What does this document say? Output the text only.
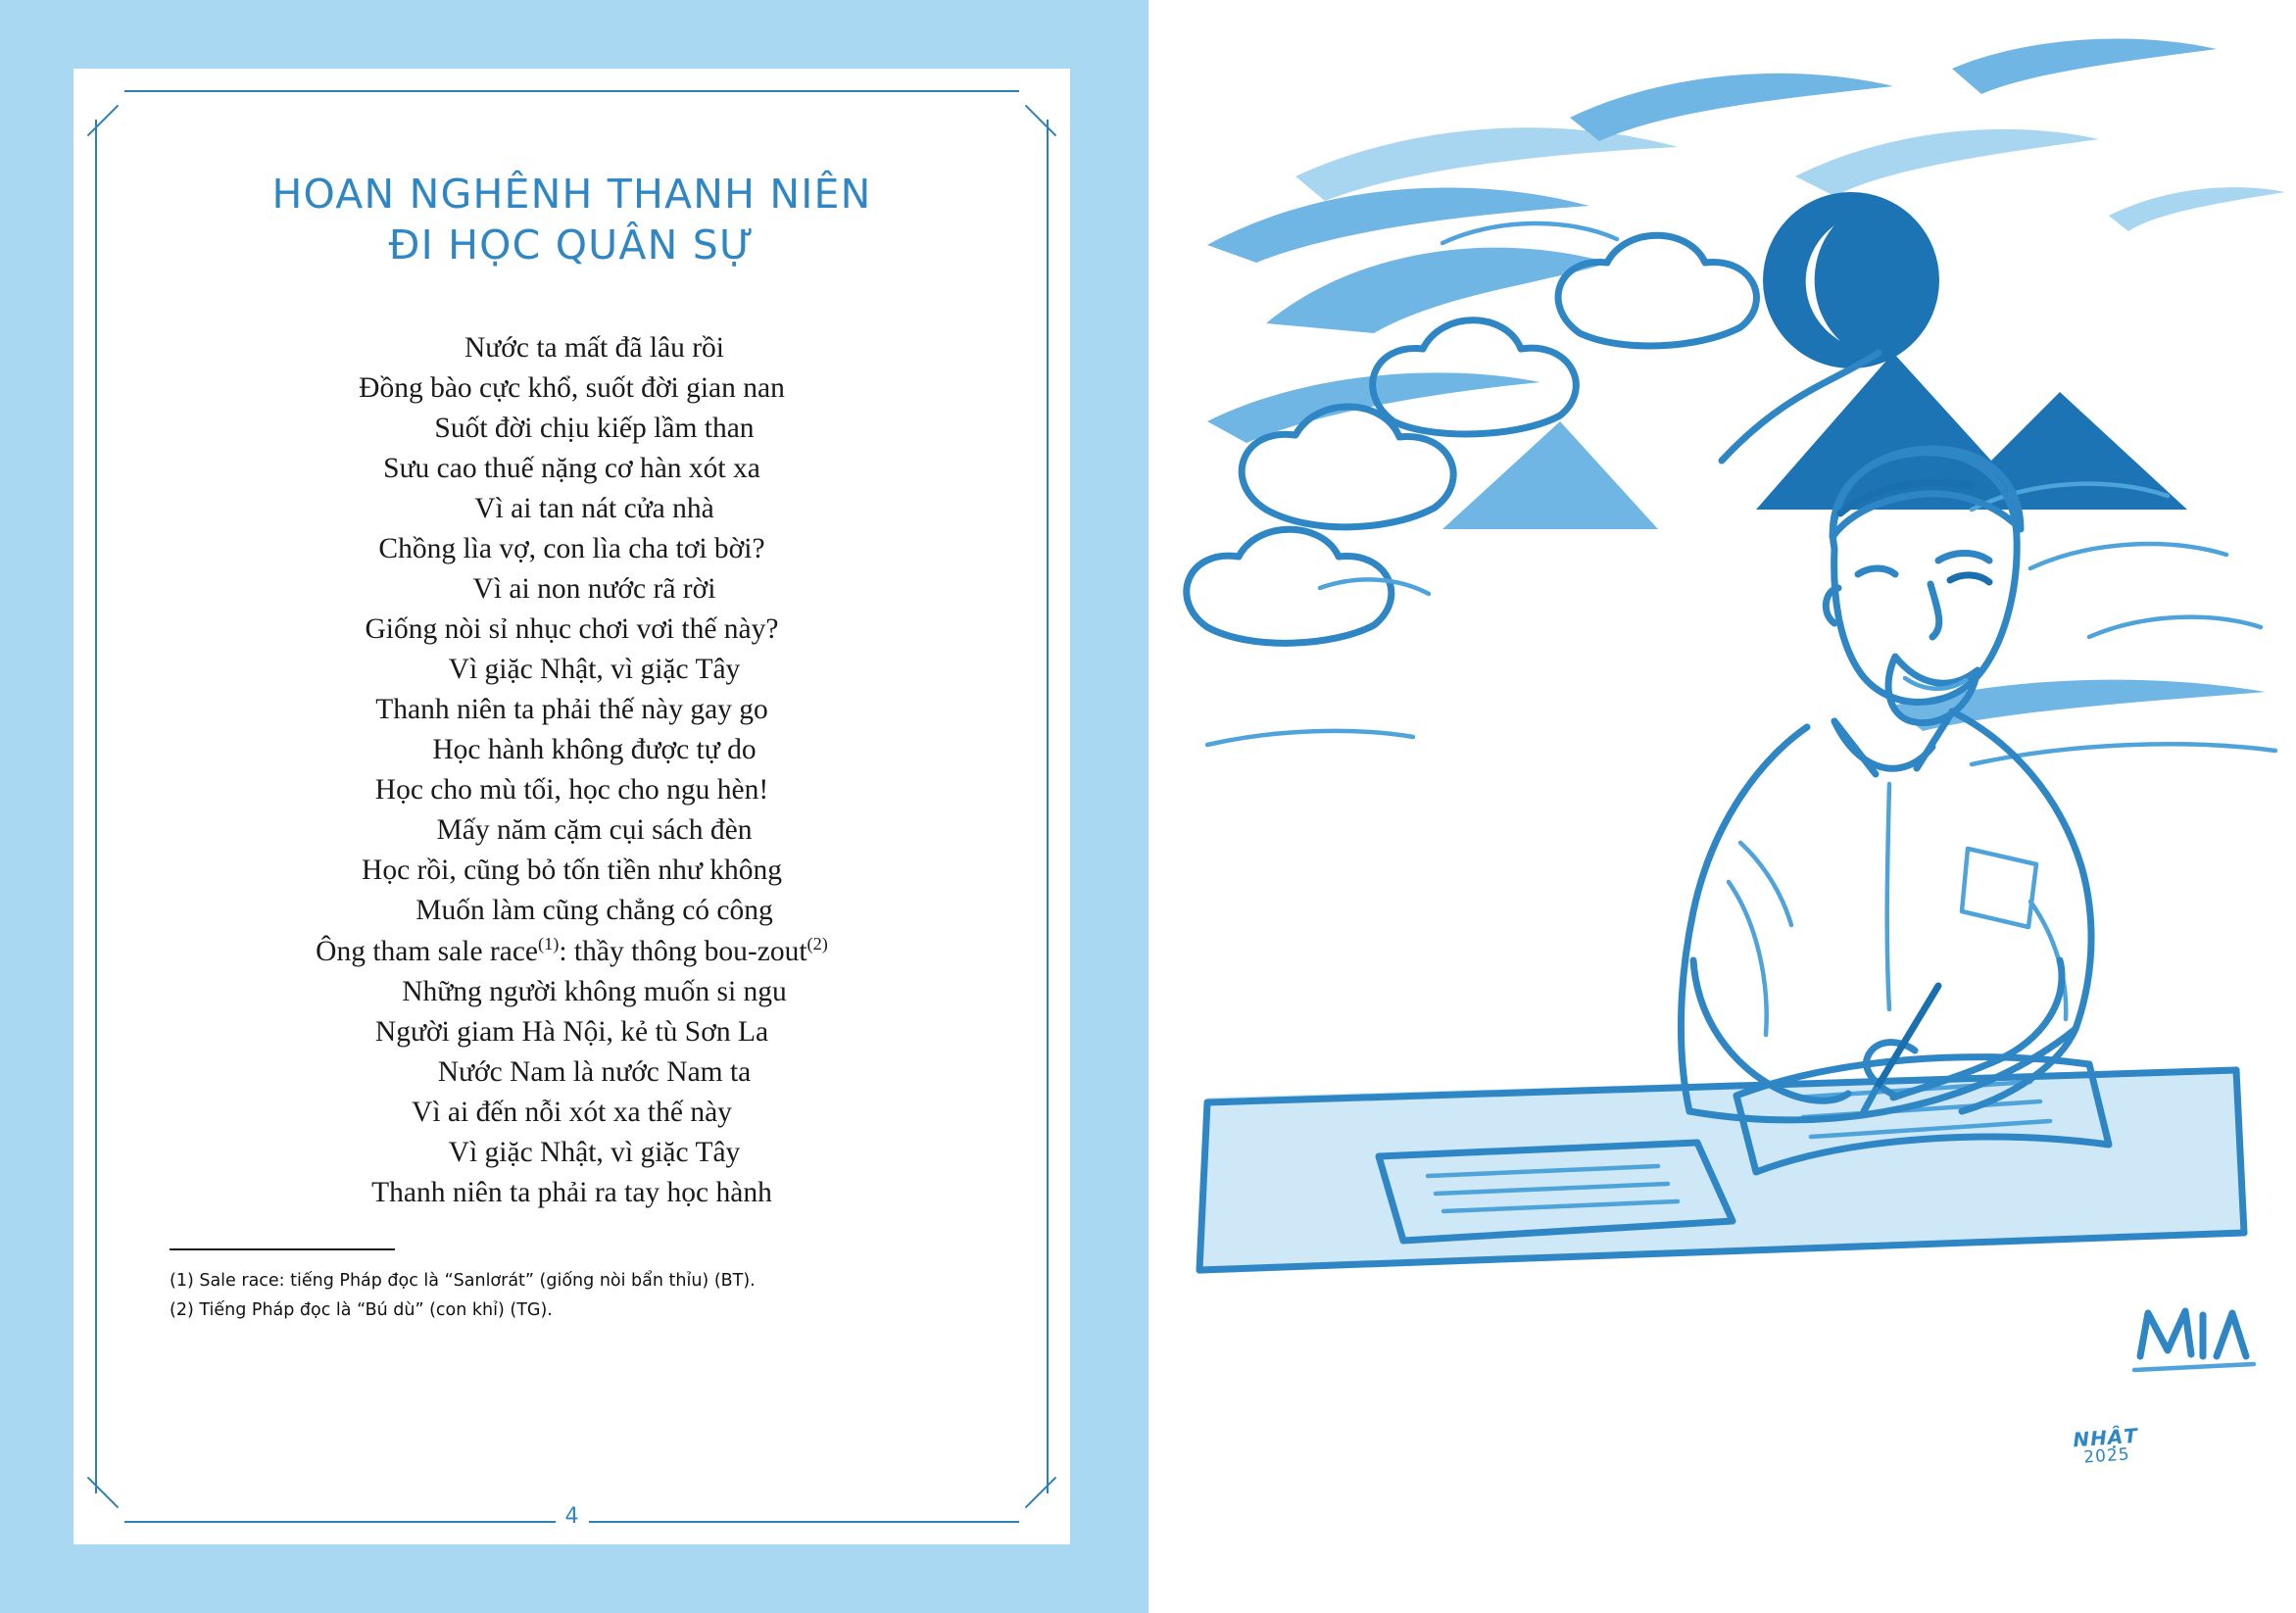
HOAN NGHÊNH THANH NIÊN
ĐI HỌC QUÂN SỰ
Nước ta mất đã lâu rồi
Đồng bào cực khổ, suốt đời gian nan
Suốt đời chịu kiếp lầm than
Sưu cao thuế nặng cơ hàn xót xa
Vì ai tan nát cửa nhà
Chồng lìa vợ, con lìa cha tơi bời?
Vì ai non nước rã rời
Giống nòi sỉ nhục chơi vơi thế này?
Vì giặc Nhật, vì giặc Tây
Thanh niên ta phải thế này gay go
Học hành không được tự do
Học cho mù tối, học cho ngu hèn!
Mấy năm cặm cụi sách đèn
Học rồi, cũng bỏ tốn tiền như không
Muốn làm cũng chẳng có công
Ông tham sale race$^{(1)}$: thầy thông bou-zout$^{(2)}$
Những người không muốn si ngu
Người giam Hà Nội, kẻ tù Sơn La
Nước Nam là nước Nam ta
Vì ai đến nỗi xót xa thế này
Vì giặc Nhật, vì giặc Tây
Thanh niên ta phải ra tay học hành
(1) Sale race: tiếng Pháp đọc là “Sanlơrát” (giống nòi bẩn thỉu) (BT).
(2) Tiếng Pháp đọc là “Bú dù” (con khỉ) (TG).
4
NHẬT
2025
